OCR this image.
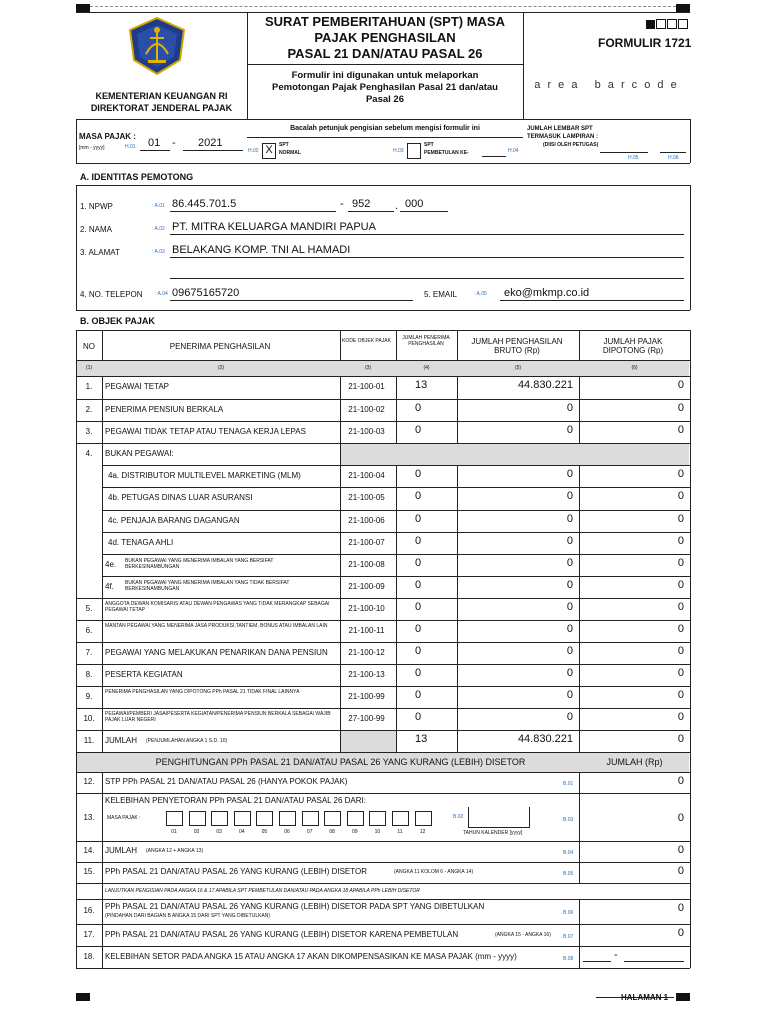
KEMENTERIAN KEUANGAN RI
DIREKTORAT JENDERAL PAJAK
SURAT PEMBERITAHUAN (SPT) MASA
PAJAK PENGHASILAN
PASAL 21 DAN/ATAU PASAL 26
Formulir ini digunakan untuk melaporkan Pemotongan Pajak Penghasilan Pasal 21 dan/atau Pasal 26
FORMULIR 1721
a r e a   b a r c o d e
MASA PAJAK :
[mm - yyyy]	H.01 01 - 2021
Bacalah petunjuk pengisian sebelum mengisi formulir ini
H.02 X	SPT
NORMAL	H.03
SPT
PEMBETULAN KE-	H.04
JUMLAH LEMBAR SPT
TERMASUK LAMPIRAN :
(DIISI OLEH PETUGAS)
H.05	H.06
A. IDENTITAS PEMOTONG
1. NPWP	: A.01 86.445.701.5	- 952 . 000
2. NAMA	: A.02 PT. MITRA KELUARGA MANDIRI PAPUA
3. ALAMAT	: A.03 BELAKANG KOMP. TNI AL HAMADI
4. NO. TELEPON : A.04 09675165720	5. EMAIL	: A.05 eko@mkmp.co.id
B. OBJEK PAJAK
NO	PENERIMA PENGHASILAN
KODE OBJEK PAJAK	JUMLAH PENERIMA PENGHASILAN	JUMLAH PENGHASILAN BRUTO (Rp)
JUMLAH PAJAK DIPOTONG (Rp)
(1)	(2)	(3)	(4)	(5)	(6)
1.	PEGAWAI TETAP	21-100-01	13	44.830.221	0
2.	PENERIMA PENSIUN BERKALA	21-100-02	0	0	0
3.	PEGAWAI TIDAK TETAP ATAU TENAGA KERJA LEPAS	21-100-03	0	0	0
4.	BUKAN PEGAWAI:
4a. DISTRIBUTOR MULTILEVEL MARKETING (MLM)	21-100-04	0	0	0
4b. PETUGAS DINAS LUAR ASURANSI	21-100-05	0	0	0
4c. PENJAJA BARANG DAGANGAN	21-100-06	0	0	0
4d. TENAGA AHLI	21-100-07	0	0	0
4e.	BUKAN PEGAWAI YANG MENERIMA IMBALAN YANG BERSIFAT BERKESINAMBUNGAN	21-100-08	0	0	0
4f.	BUKAN PEGAWAI YANG MENERIMA IMBALAN YANG TIDAK BERSIFAT BERKESINAMBUNGAN	21-100-09	0	0	0
5.	ANGGOTA DEWAN KOMISARIS ATAU DEWAN PENGAWAS YANG TIDAK MERANGKAP SEBAGAI PEGAWAI TETAP	21-100-10	0	0	0
6.	MANTAN PEGAWAI YANG MENERIMA JASA PRODUKSI,TANTIEM, BONUS ATAU IMBALAN LAIN	21-100-11	0	0	0
7.	PEGAWAI YANG MELAKUKAN PENARIKAN DANA PENSIUN	21-100-12	0	0	0
8.	PESERTA KEGIATAN	21-100-13	0	0	0
9.	PENERIMA PENGHASILAN YANG DIPOTONG PPh PASAL 21 TIDAK FINAL LAINNYA	21-100-99	0	0	0
10.	PEGAWAI/PEMBERI JASA/PESERTA KEGIATAN/PENERIMA PENSIUN BERKALA SEBAGAI WAJIB PAJAK LUAR NEGERI	27-100-99	0	0	0
11.	JUMLAH	(PENJUMLAHAN ANGKA 1 S.D. 10)	13	44.830.221	0
PENGHITUNGAN PPh PASAL 21 DAN/ATAU PASAL 26 YANG KURANG (LEBIH) DISETOR	JUMLAH (Rp)
12.	STP PPh PASAL 21 DAN/ATAU PASAL 26 (HANYA POKOK PAJAK)	B.01	0
13.
KELEBIHAN PENYETORAN PPh PASAL 21 DAN/ATAU PASAL 26 DARI:
B.03	0
14.	JUMLAH (ANGKA 12 + ANGKA 13)	B.04	0
15.	PPh PASAL 21 DAN/ATAU PASAL 26 YANG KURANG (LEBIH) DISETOR	(ANGKA 11 KOLOM 6 - ANGKA 14)	B.05	0
16.	PPh PASAL 21 DAN/ATAU PASAL 26 YANG KURANG (LEBIH) DISETOR PADA SPT YANG DIBETULKAN
(PINDAHAN DARI BAGIAN B ANGKA 15 DARI SPT YANG DIBETULKAN)	B.06	0
17.	PPh PASAL 21 DAN/ATAU PASAL 26 YANG KURANG (LEBIH) DISETOR KARENA PEMBETULAN	(ANGKA 15 - ANGKA 16) B.07	0
18.	KELEBIHAN SETOR PADA ANGKA 15 ATAU ANGKA 17 AKAN DIKOMPENSASIKAN KE MASA PAJAK (mm - yyyy)	B.08	-
MASA PAJAK :
01	02	03	04	05	06	07	08	09	10	11	12
B.02
TAHUN KALENDER [yyyy]
LANJUTKAN PENGISIAN PADA ANGKA 16 & 17 APABILA SPT PEMBETULAN DAN/ATAU PADA ANGKA 18 APABILA PPh LEBIH DISETOR
HALAMAN 1
